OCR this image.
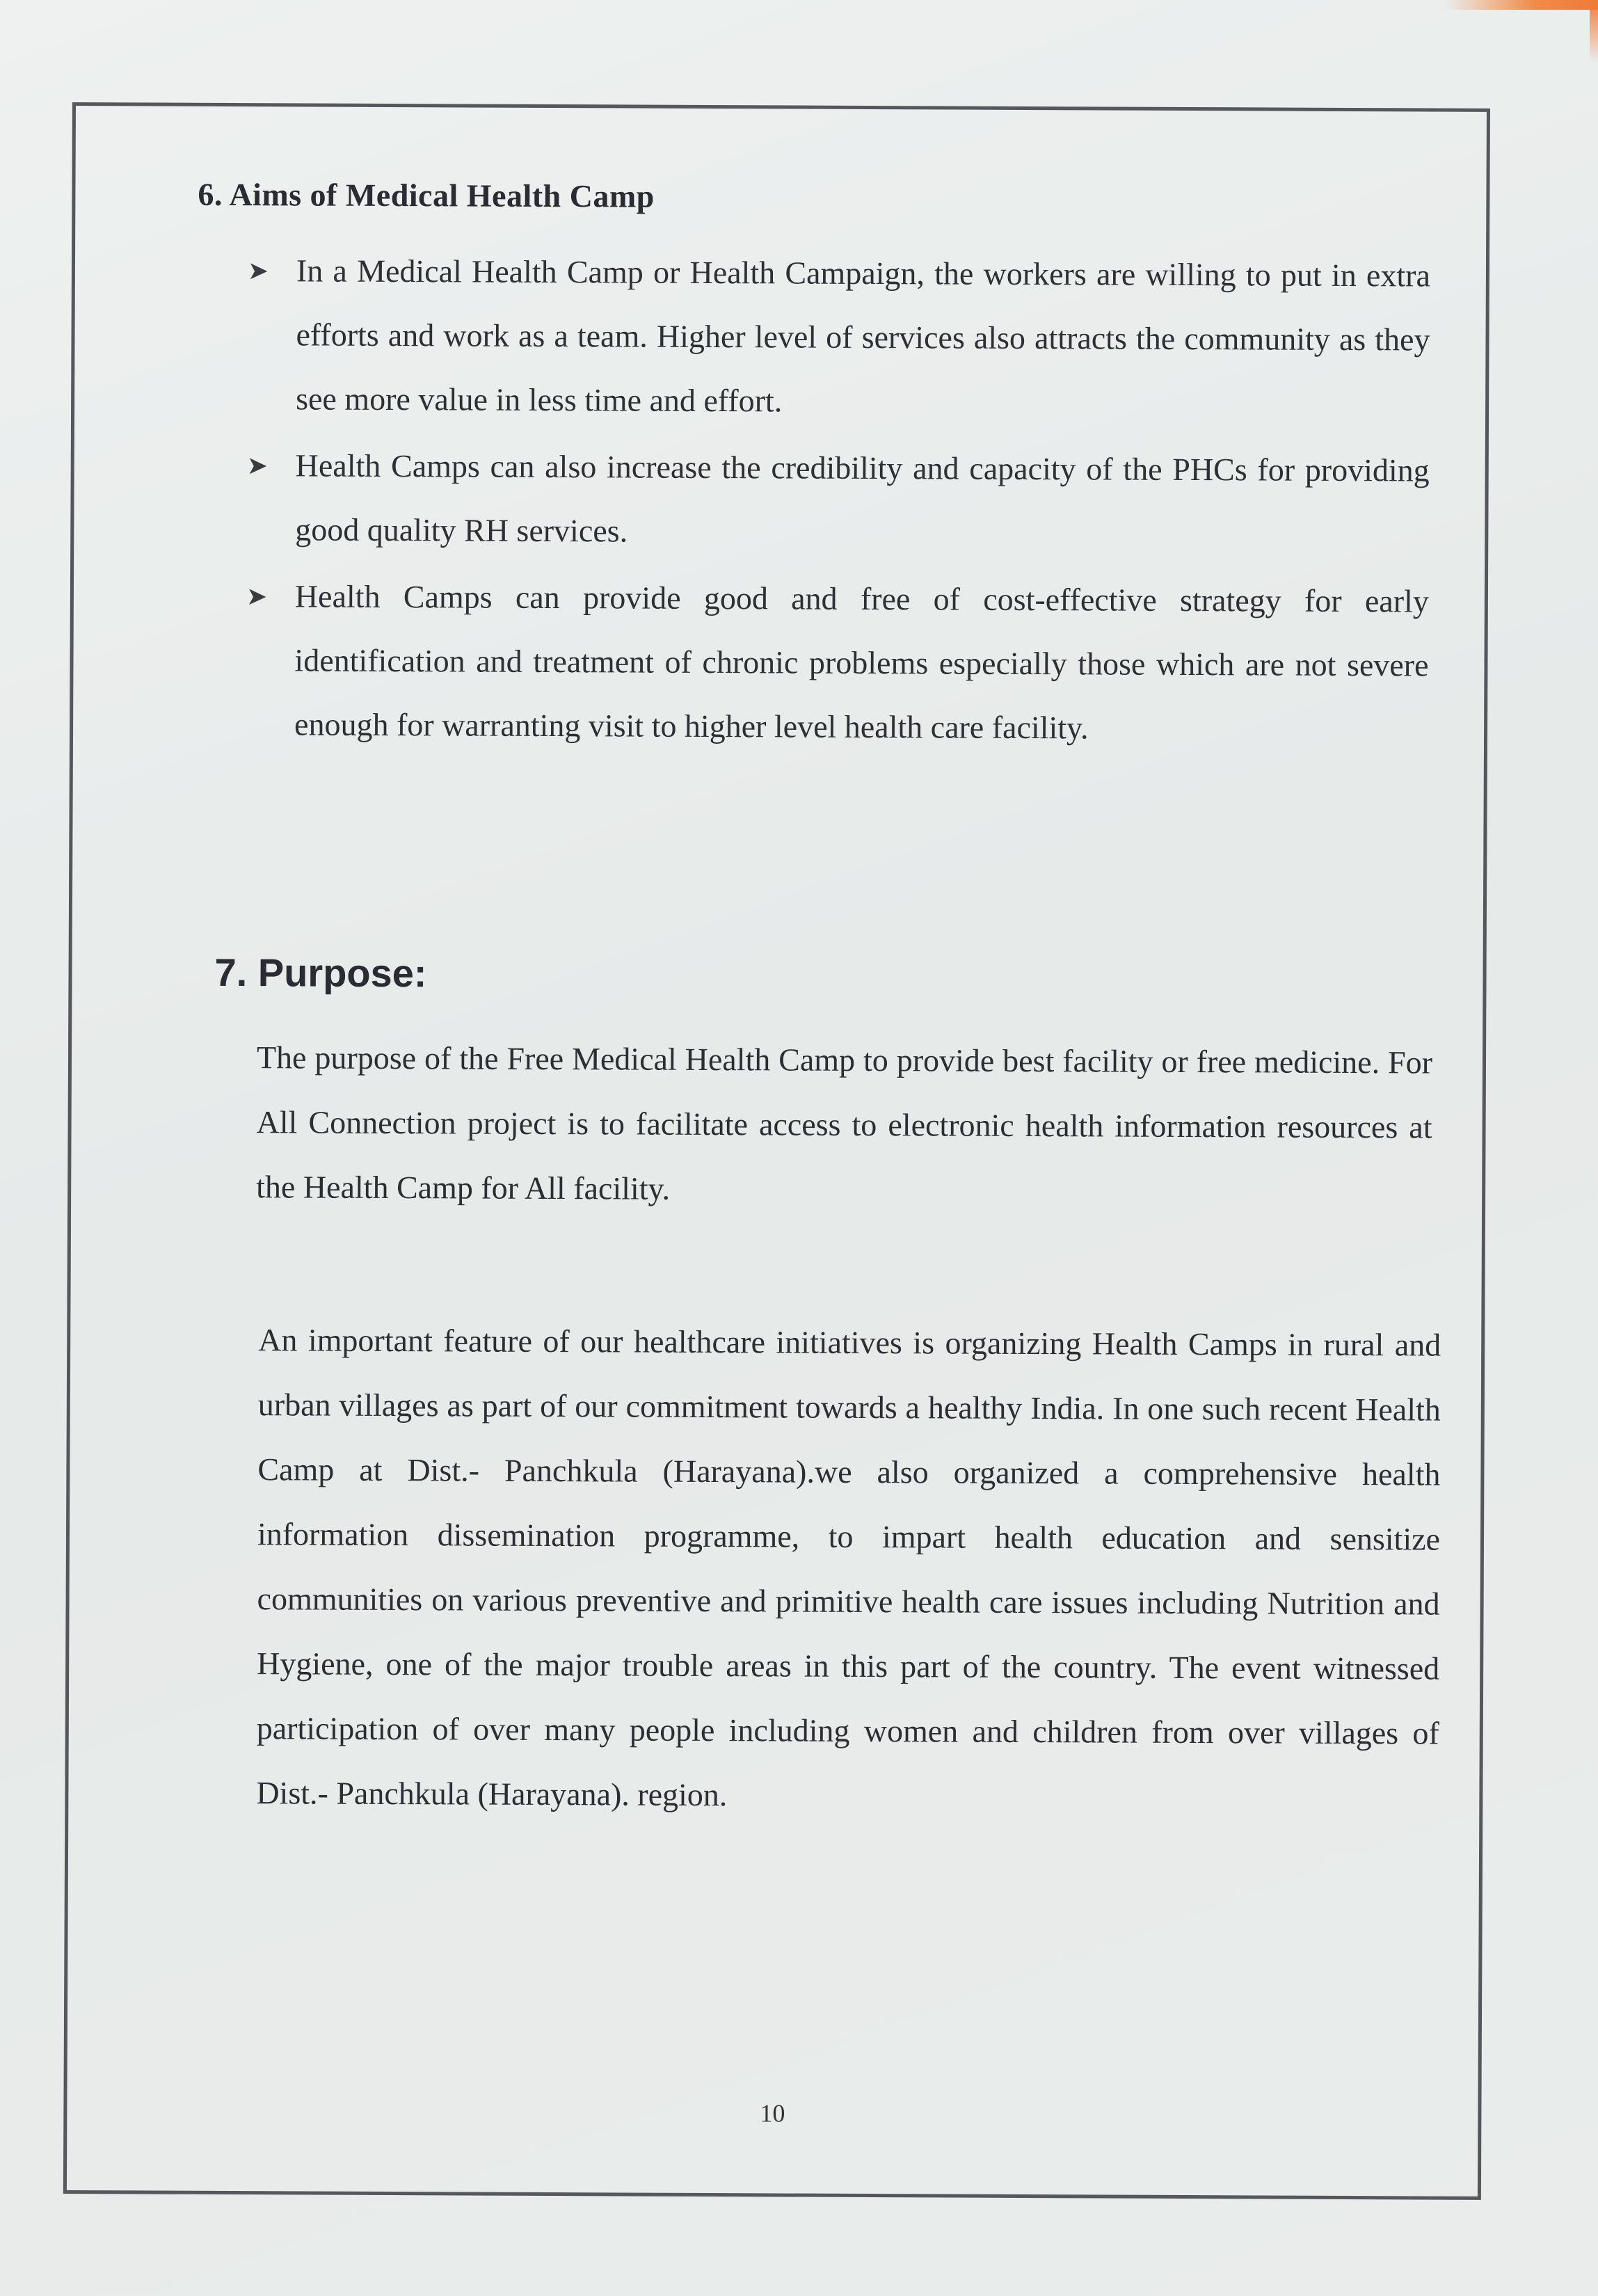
6. Aims of Medical Health Camp
➤ In a Medical Health Camp or Health Campaign, the workers are willing to put in extra efforts and work as a team. Higher level of services also attracts the community as they see more value in less time and effort.
➤ Health Camps can also increase the credibility and capacity of the PHCs for providing good quality RH services.
➤ Health Camps can provide good and free of cost-effective strategy for early identification and treatment of chronic problems especially those which are not severe enough for warranting visit to higher level health care facility.
7. Purpose:

The purpose of the Free Medical Health Camp to provide best facility or free medicine. For All Connection project is to facilitate access to electronic health information resources at the Health Camp for All facility.

An important feature of our healthcare initiatives is organizing Health Camps in rural and urban villages as part of our commitment towards a healthy India. In one such recent Health Camp at Dist.- Panchkula (Harayana).we also organized a comprehensive health information dissemination programme, to impart health education and sensitize communities on various preventive and primitive health care issues including Nutrition and Hygiene, one of the major trouble areas in this part of the country. The event witnessed participation of over many people including women and children from over villages of Dist.- Panchkula (Harayana). region.

10
